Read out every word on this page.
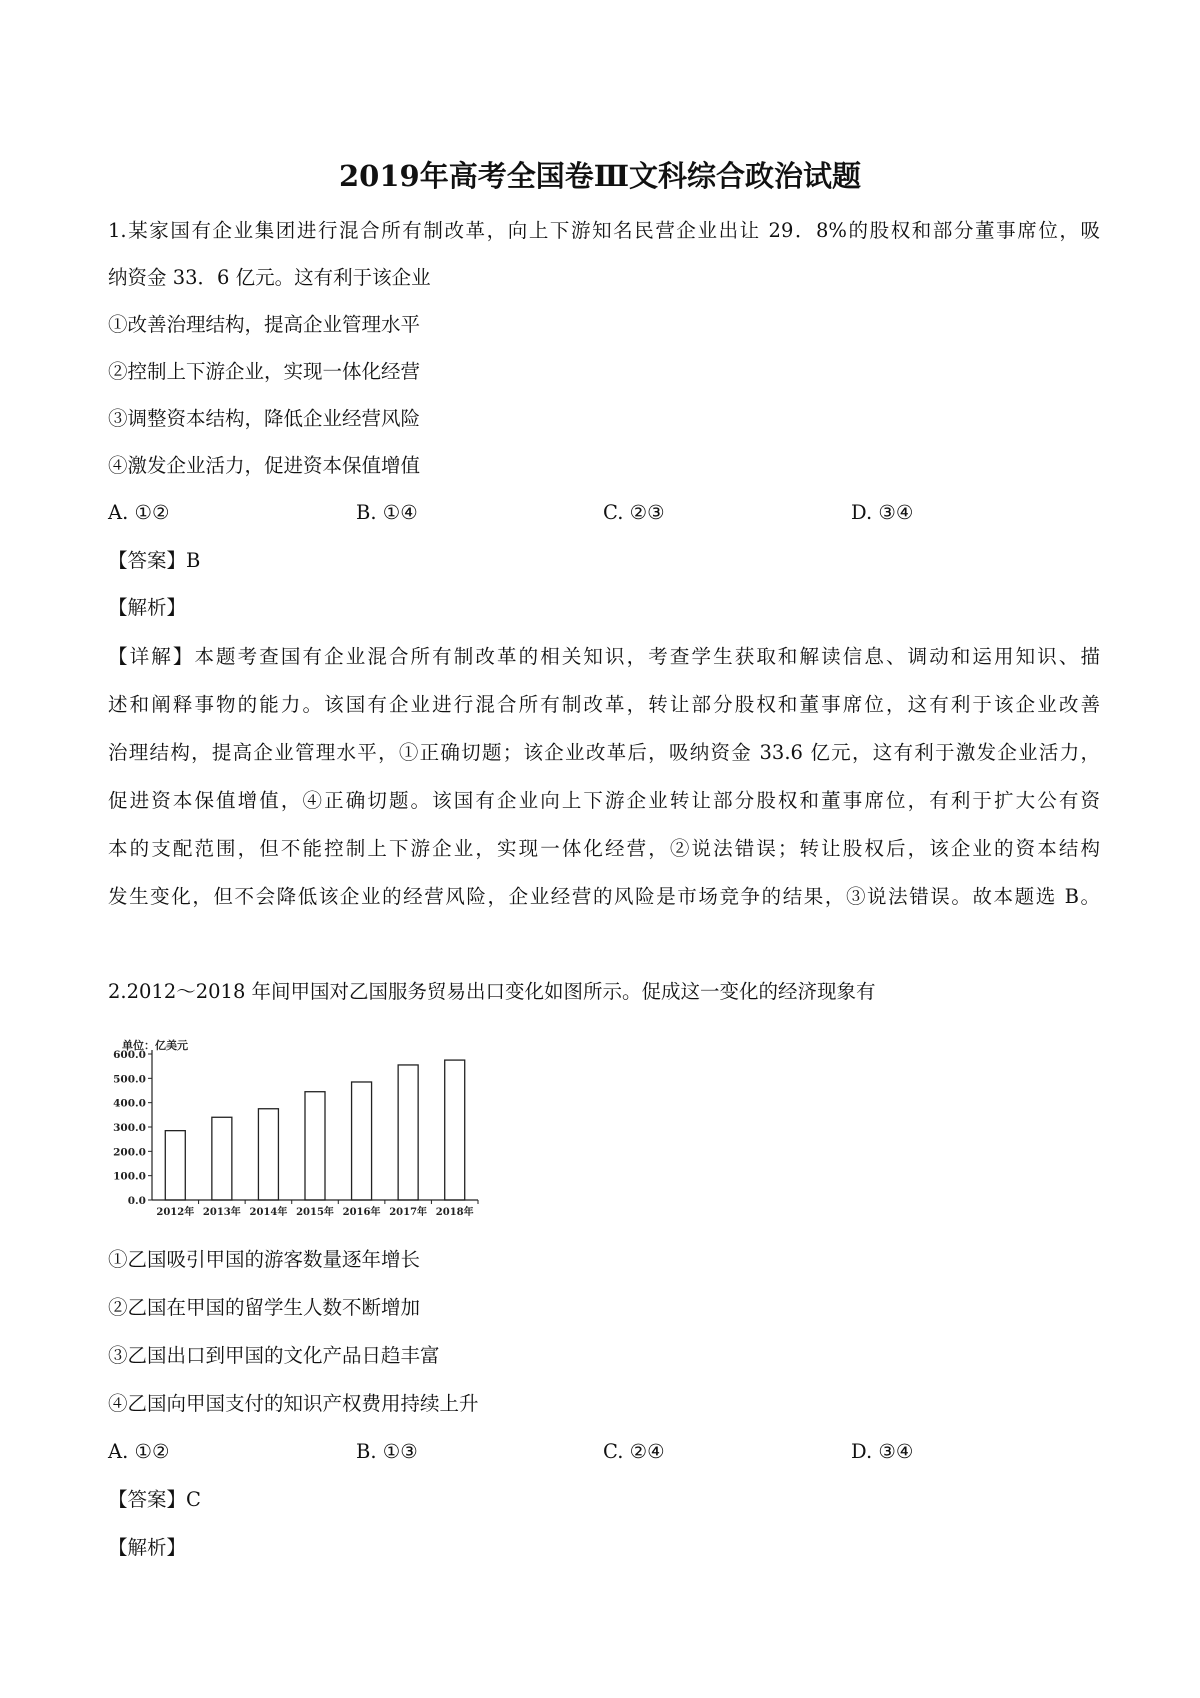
2019年高考全国卷Ⅲ文科综合政治试题
1.某家国有企业集团进行混合所有制改革，向上下游知名民营企业出让 29．8%的股权和部分董事席位，吸
纳资金 33．6 亿元。这有利于该企业
①改善治理结构，提高企业管理水平
②控制上下游企业，实现一体化经营
③调整资本结构，降低企业经营风险
④激发企业活力，促进资本保值增值
A. ①②	B. ①④	C. ②③	D. ③④
【答案】B
【解析】
【详解】本题考查国有企业混合所有制改革的相关知识，考查学生获取和解读信息、调动和运用知识、描
述和阐释事物的能力。该国有企业进行混合所有制改革，转让部分股权和董事席位，这有利于该企业改善
治理结构，提高企业管理水平，①正确切题；该企业改革后，吸纳资金 33.6 亿元，这有利于激发企业活力，
促进资本保值增值，④正确切题。该国有企业向上下游企业转让部分股权和董事席位，有利于扩大公有资
本的支配范围，但不能控制上下游企业，实现一体化经营，②说法错误；转让股权后，该企业的资本结构
发生变化，但不会降低该企业的经营风险，企业经营的风险是市场竞争的结果，③说法错误。故本题选 B。
2.2012～2018 年间甲国对乙国服务贸易出口变化如图所示。促成这一变化的经济现象有
单位：亿美元
0.0
100.0
200.0
300.0
400.0
500.0
600.0
2012年 2013年 2014年 2015年 2016年 2017年 2018年
①乙国吸引甲国的游客数量逐年增长
②乙国在甲国的留学生人数不断增加
③乙国出口到甲国的文化产品日趋丰富
④乙国向甲国支付的知识产权费用持续上升
A. ①②	B. ①③	C. ②④	D. ③④
【答案】C
【解析】
